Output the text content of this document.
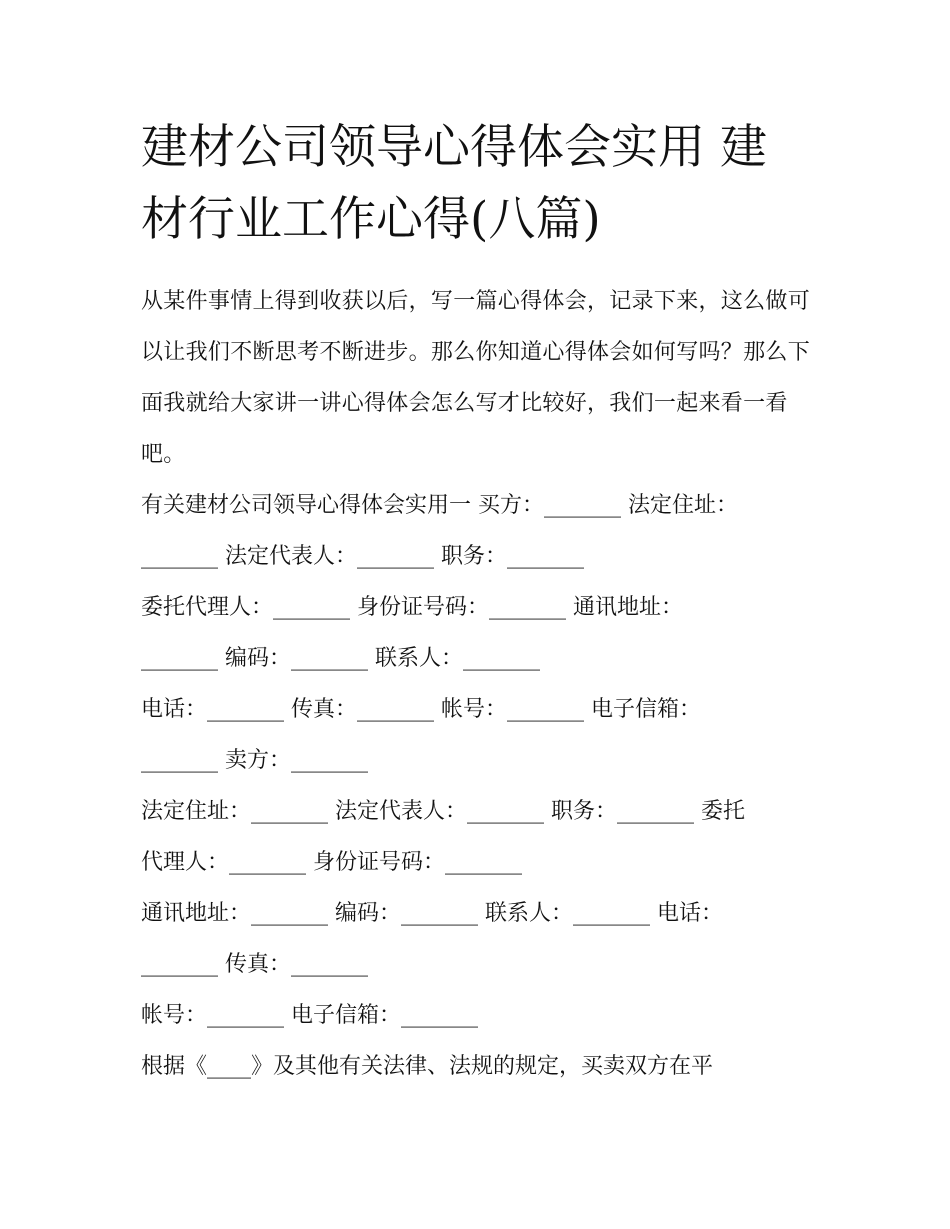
建材公司领导心得体会实用 建材行业工作心得(八篇)

从某件事情上得到收获以后，写一篇心得体会，记录下来，这么做可以让我们不断思考不断进步。那么你知道心得体会如何写吗？那么下面我就给大家讲一讲心得体会怎么写才比较好，我们一起来看一看吧。

有关建材公司领导心得体会实用一 买方：_______ 法定住址：
_______ 法定代表人：_______ 职务：_______
委托代理人：_______ 身份证号码：_______ 通讯地址：
_______ 编码：_______ 联系人：_______
电话：_______ 传真：_______ 帐号：_______ 电子信箱：
_______ 卖方：_______
法定住址：_______ 法定代表人：_______ 职务：_______ 委托
代理人：_______ 身份证号码：_______
通讯地址：_______ 编码：_______ 联系人：_______ 电话：
_______ 传真：_______
帐号：_______ 电子信箱：_______
根据《____》及其他有关法律、法规的规定，买卖双方在平
